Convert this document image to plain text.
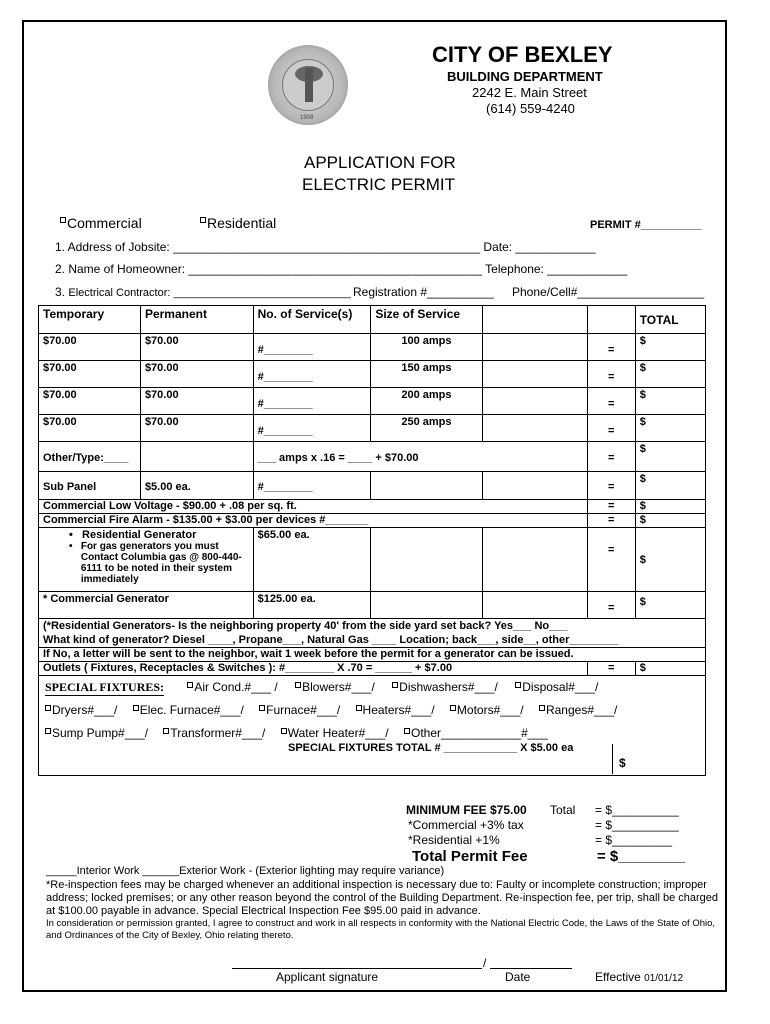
1908
CITY OF BEXLEY
BUILDING DEPARTMENT
2242 E. Main Street
(614) 559-4240
APPLICATION FOR
ELECTRIC PERMIT
Commercial	Residential	PERMIT #__________
1. Address of Jobsite: ______________________________________________ Date: ____________
2. Name of Homeowner: ____________________________________________ Telephone: ____________
3. Electrical Contractor: _____________________________ Registration #__________ Phone/Cell#___________________
Temporary	Permanent	No. of Service(s)	Size of Service			TOTAL
$70.00	$70.00	#________	100 amps		=	$
$70.00	$70.00	#________	150 amps		=	$
$70.00	$70.00	#________	200 amps		=	$
$70.00	$70.00	#________	250 amps		=	$
Other/Type:____		___ amps x .16 = ____ + $70.00			=	$
Sub Panel	$5.00 ea.	#________			=	$
Commercial Low Voltage - $90.00 + .08 per sq. ft.					=	$
Commercial Fire Alarm - $135.00 + $3.00 per devices #_______					=	$

•   Residential Generator
• For gas generators you must Contact Columbia gas @ 800-440-6111 to be noted in their system immediately		$65.00 ea.			=	$
* Commercial Generator		$125.00 ea.			=	$

(*Residential Generators- Is the neighboring property 40' from the side yard set back? Yes___ No___
What kind of generator? Diesel ____, Propane___, Natural Gas ____ Location; back___, side__, other________						

If No, a letter will be sent to the neighbor, wait 1 week before the permit for a generator can be issued.						
Outlets ( Fixtures, Receptacles & Switches ): #________ X .70 = ______ + $7.00					=	$

SPECIAL FIXTURES: Air Cond.#___ / Blowers#___/ Dishwashers#___/ Disposal#___/
Dryers#___/ Elec. Furnace#___/ Furnace#___/ Heaters#___/ Motors#___/ Ranges#___/
Sump Pump#___/ Transformer#___/ Water Heater#___/ Other____________#___
SPECIAL FIXTURES TOTAL # ____________ X $5.00 ea
$						
MINIMUM FEE $75.00 Total = $__________
*Commercial +3% tax	= $__________
*Residential +1%	= $_________
Total Permit Fee	= $________
_____Interior Work ______Exterior Work - (Exterior lighting may require variance)
*Re-inspection fees may be charged whenever an additional inspection is necessary due to: Faulty or incomplete construction; improper address; locked premises; or any other reason beyond the control of the Building Department. Re-inspection fee, per trip, shall be charged at $100.00 payable in advance. Special Electrical Inspection Fee $95.00 paid in advance.
In consideration or permission granted, I agree to construct and work in all respects in conformity with the National Electric Code, the Laws of the State of Ohio, and Ordinances of the City of Bexley, Ohio relating thereto.
/
Applicant signature	Date	Effective 01/01/12
